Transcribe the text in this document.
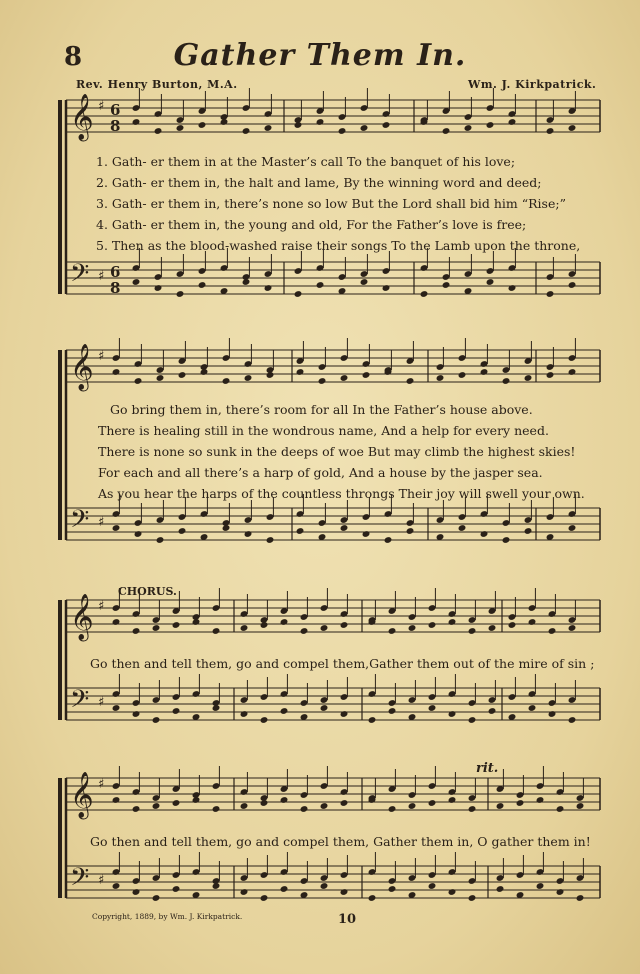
8	Gather Them In.
Rev. Henry Burton, M.A.	Wm. J. Kirkpatrick.
𝄞
𝄢
♯
♯
6
8
6
8
𝄞
𝄢
♯
♯
𝄞
𝄢
♯
♯
𝄞
𝄢
♯
♯
1. Gath- er them in at the Master’s call To the banquet of his love;
2. Gath- er them in, the halt and lame, By the winning word and deed;
3. Gath- er them in, there’s none so low But the Lord shall bid him “Rise;”
4. Gath- er them in, the young and old, For the Father’s love is free;
5. Then as the blood-washed raise their songs To the Lamb upon the throne,
Go bring them in, there’s room for all In the Father’s house above.
There is healing still in the wondrous name, And a help for every need.
There is none so sunk in the deeps of woe But may climb the highest skies!
For each and all there’s a harp of gold, And a house by the jasper sea.
As you hear the harps of the countless throngs Their joy will swell your own.
CHORUS.
Go then and tell them, go and compel them,Gather them out of the mire of sin ;
Go then and tell them, go and compel them, Gather them in, O gather them in!
rit.
Copyright, 1889, by Wm. J. Kirkpatrick.	10
